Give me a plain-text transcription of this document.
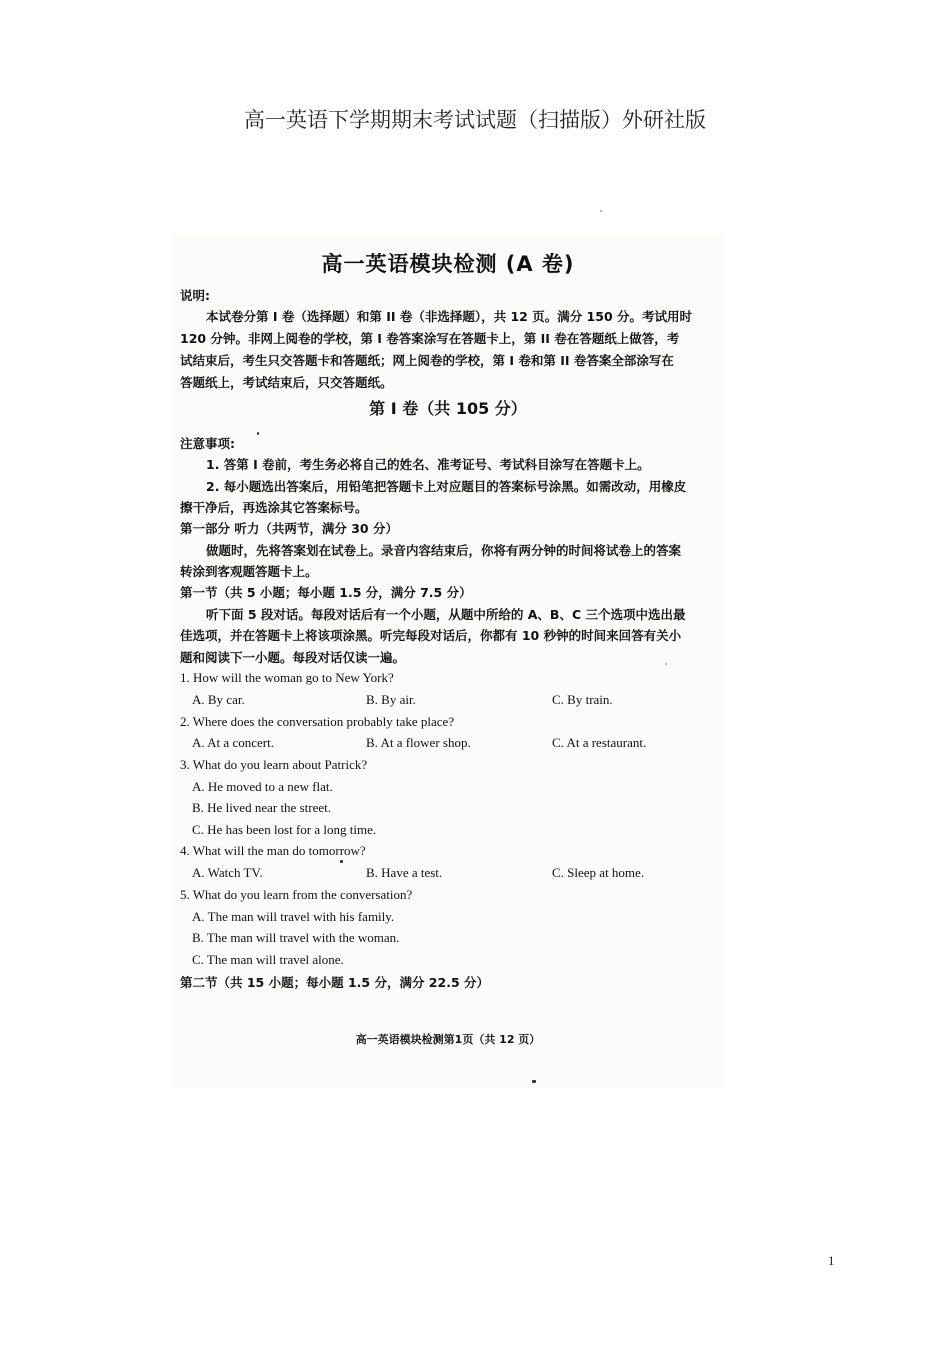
高一英语下学期期末考试试题（扫描版）外研社版
高一英语模块检测 (A 卷)
说明:
本试卷分第 I 卷（选择题）和第 II 卷（非选择题），共 12 页。满分 150 分。考试用时
120 分钟。非网上阅卷的学校，第 I 卷答案涂写在答题卡上，第 II 卷在答题纸上做答，考
试结束后，考生只交答题卡和答题纸；网上阅卷的学校，第 I 卷和第 II 卷答案全部涂写在
答题纸上，考试结束后，只交答题纸。
第 I 卷（共 105 分）
注意事项:
1. 答第 I 卷前，考生务必将自己的姓名、准考证号、考试科目涂写在答题卡上。
2. 每小题选出答案后，用铅笔把答题卡上对应题目的答案标号涂黑。如需改动，用橡皮
擦干净后，再选涂其它答案标号。
第一部分 听力（共两节，满分 30 分）
做题时，先将答案划在试卷上。录音内容结束后，你将有两分钟的时间将试卷上的答案
转涂到客观题答题卡上。
第一节（共 5 小题；每小题 1.5 分，满分 7.5 分）
听下面 5 段对话。每段对话后有一个小题，从题中所给的 A、B、C 三个选项中选出最
佳选项，并在答题卡上将该项涂黑。听完每段对话后，你都有 10 秒钟的时间来回答有关小
题和阅读下一小题。每段对话仅读一遍。
1. How will the woman go to New York?
A. By car.	B. By air.	C. By train.
2. Where does the conversation probably take place?
A. At a concert.	B. At a flower shop.	C. At a restaurant.
3. What do you learn about Patrick?
A. He moved to a new flat.
B. He lived near the street.
C. He has been lost for a long time.
4. What will the man do tomorrow?
A. Watch TV.	B. Have a test.	C. Sleep at home.
5. What do you learn from the conversation?
A. The man will travel with his family.
B. The man will travel with the woman.
C. The man will travel alone.
第二节（共 15 小题；每小题 1.5 分，满分 22.5 分）
高一英语模块检测第1页（共 12 页）
1
